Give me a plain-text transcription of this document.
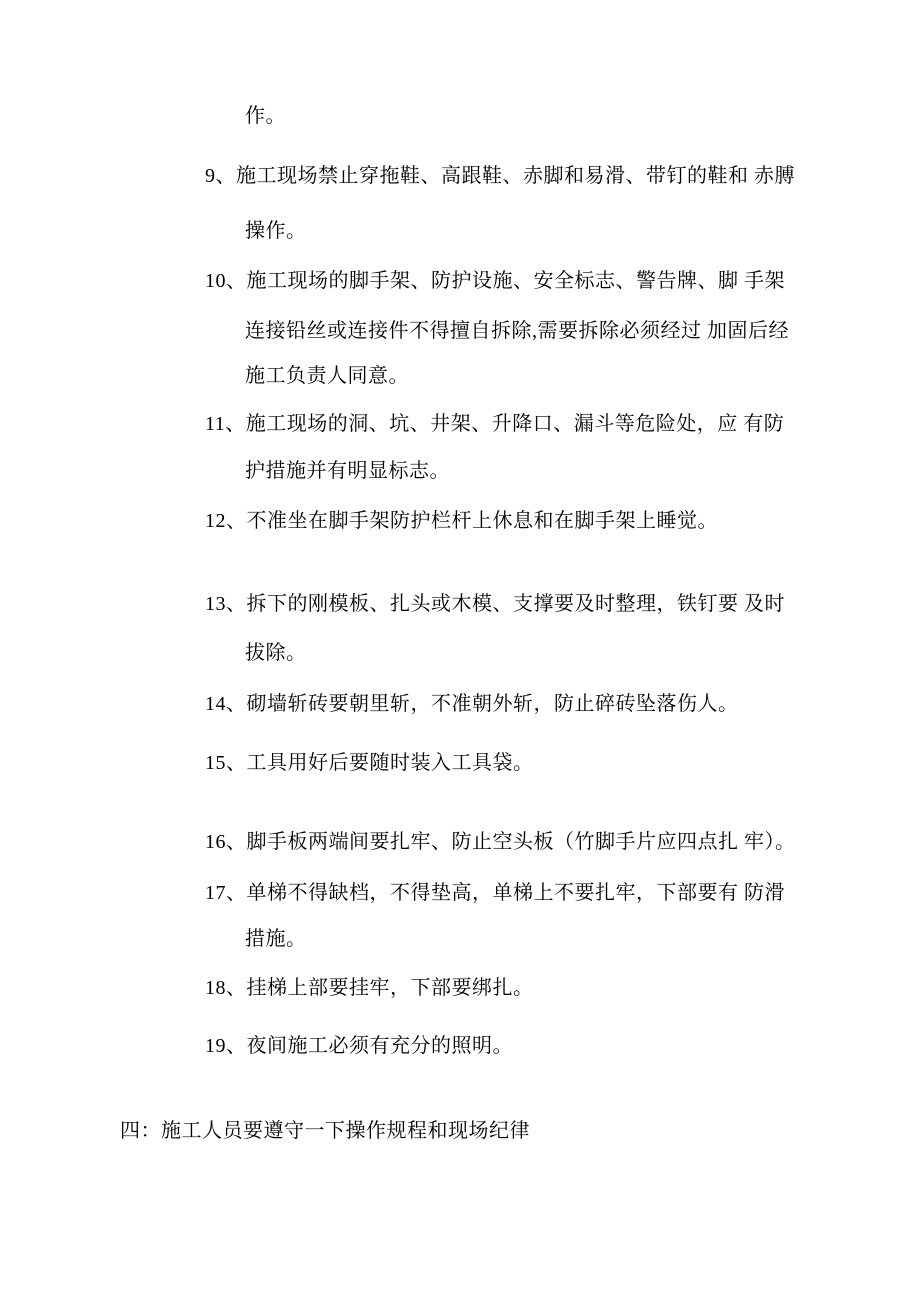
作。
9、施工现场禁止穿拖鞋、高跟鞋、赤脚和易滑、带钉的鞋和 赤膊
操作。
10、施工现场的脚手架、防护设施、安全标志、警告牌、脚 手架
连接铅丝或连接件不得擅自拆除,需要拆除必须经过 加固后经
施工负责人同意。
11、施工现场的洞、坑、井架、升降口、漏斗等危险处，应 有防
护措施并有明显标志。
12、不准坐在脚手架防护栏杆上休息和在脚手架上睡觉。
13、拆下的刚模板、扎头或木模、支撑要及时整理，铁钉要 及时
拔除。
14、砌墙斩砖要朝里斩，不准朝外斩，防止碎砖坠落伤人。
15、工具用好后要随时装入工具袋。
16、脚手板两端间要扎牢、防止空头板（竹脚手片应四点扎 牢）。
17、单梯不得缺档，不得垫高，单梯上不要扎牢，下部要有 防滑
措施。
18、挂梯上部要挂牢，下部要绑扎。
19、夜间施工必须有充分的照明。
四：施工人员要遵守一下操作规程和现场纪律
